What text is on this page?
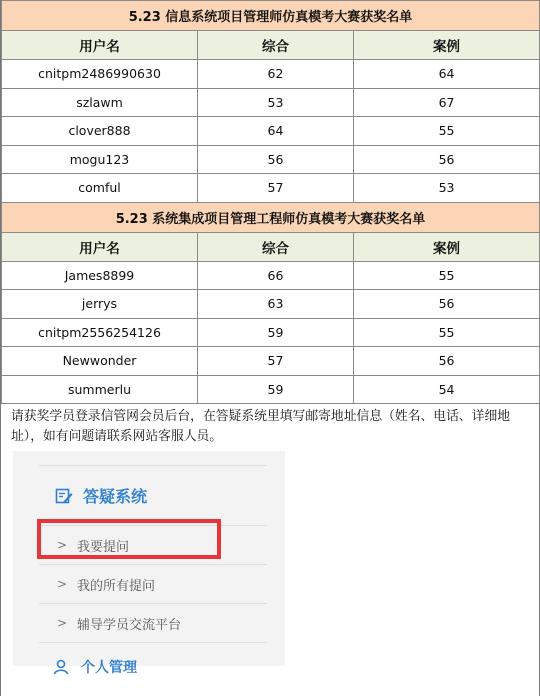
5.23 信息系统项目管理师仿真模考大赛获奖名单		
用户名	综合	案例
cnitpm2486990630	62	64
szlawm	53	67
clover888	64	55
mogu123	56	56
comful	57	53
5.23 系统集成项目管理工程师仿真模考大赛获奖名单		
用户名	综合	案例
James8899	66	55
jerrys	63	56
cnitpm2556254126	59	55
Newwonder	57	56
summerlu	59	54
请获奖学员登录信管网会员后台，在答疑系统里填写邮寄地址信息（姓名、电话、详细地址），如有问题请联系网站客服人员。
答疑系统
> 我要提问
> 我的所有提问
> 辅导学员交流平台
个人管理
